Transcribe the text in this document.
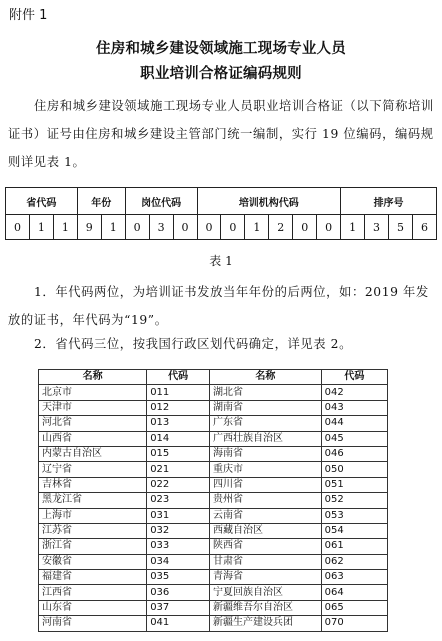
附件 1
住房和城乡建设领域施工现场专业人员
职业培训合格证编码规则
住房和城乡建设领域施工现场专业人员职业培训合格证（以下简称培训证书）证号由住房和城乡建设主管部门统一编制，实行 19 位编码，编码规则详见表 1。
省代码			年份		岗位代码			培训机构代码						排序号			
0	1	1	9	1	0	3	0	0	0	1	2	0	0	1	3	5	6
表 1
1．年代码两位，为培训证书发放当年年份的后两位，如：2019 年发放的证书，年代码为“19”。
2．省代码三位，按我国行政区划代码确定，详见表 2。
名称	代码	名称	代码
北京市	011	湖北省	042
天津市	012	湖南省	043
河北省	013	广东省	044
山西省	014	广西壮族自治区	045
内蒙古自治区	015	海南省	046
辽宁省	021	重庆市	050
吉林省	022	四川省	051
黑龙江省	023	贵州省	052
上海市	031	云南省	053
江苏省	032	西藏自治区	054
浙江省	033	陕西省	061
安徽省	034	甘肃省	062
福建省	035	青海省	063
江西省	036	宁夏回族自治区	064
山东省	037	新疆维吾尔自治区	065
河南省	041	新疆生产建设兵团	070
